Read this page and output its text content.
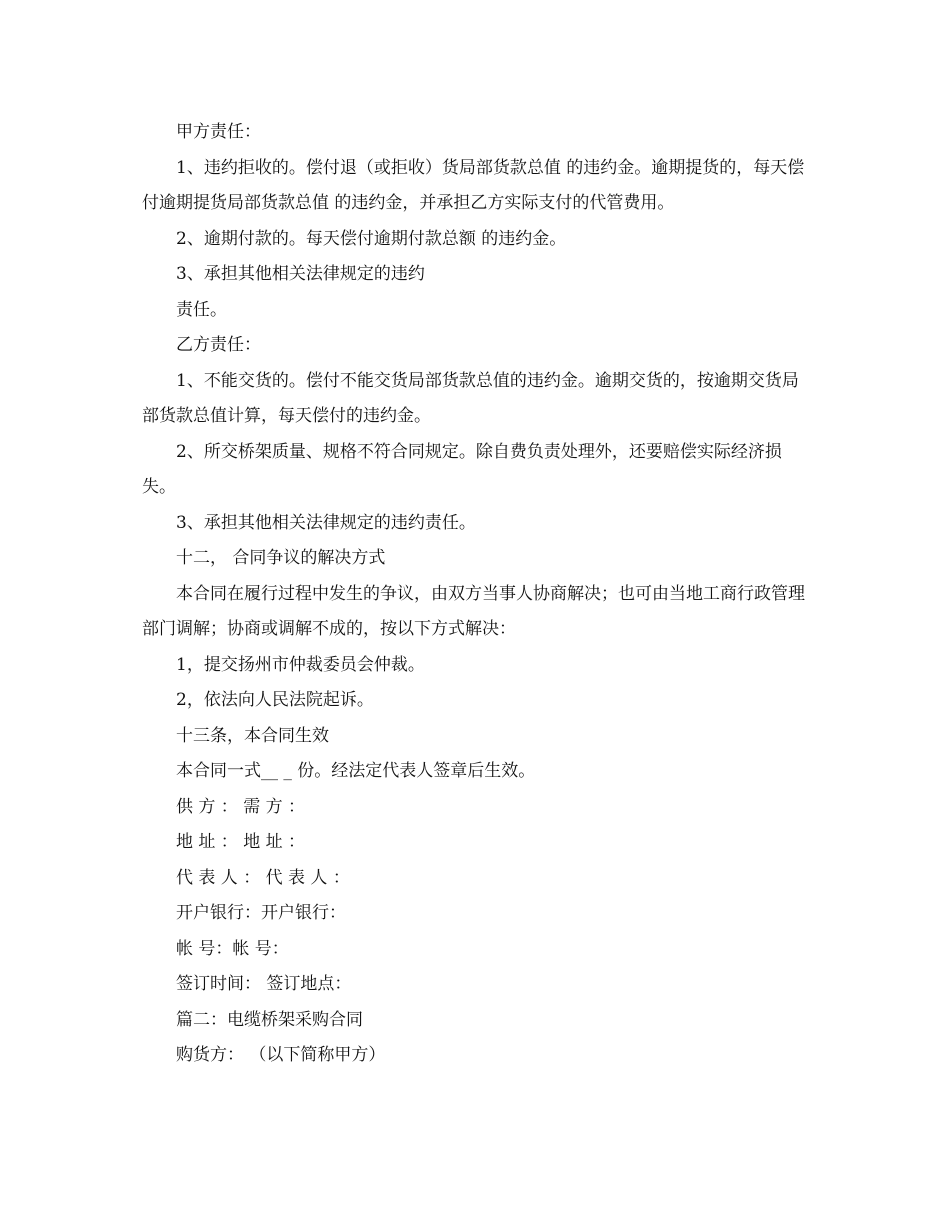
甲方责任：

1、违约拒收的。偿付退（或拒收）货局部货款总值 的违约金。逾期提货的，每天偿付逾期提货局部货款总值 的违约金，并承担乙方实际支付的代管费用。

2、逾期付款的。每天偿付逾期付款总额 的违约金。

3、承担其他相关法律规定的违约

责任。

乙方责任：

1、不能交货的。偿付不能交货局部货款总值的违约金。逾期交货的，按逾期交货局部货款总值计算，每天偿付的违约金。

2、所交桥架质量、规格不符合同规定。除自费负责处理外，还要赔偿实际经济损失。

3、承担其他相关法律规定的违约责任。

十二， 合同争议的解决方式

本合同在履行过程中发生的争议，由双方当事人协商解决；也可由当地工商行政管理部门调解；协商或调解不成的，按以下方式解决：

1，提交扬州市仲裁委员会仲裁。

2，依法向人民法院起诉。

十三条，本合同生效

本合同一式__ _ 份。经法定代表人签章后生效。

供 方 ： 需 方 ：

地 址 ： 地 址 ：

代 表 人 ： 代 表 人 ：

开户银行：开户银行：

帐 号：帐 号：

签订时间： 签订地点：

篇二：电缆桥架采购合同

购货方： （以下简称甲方）
